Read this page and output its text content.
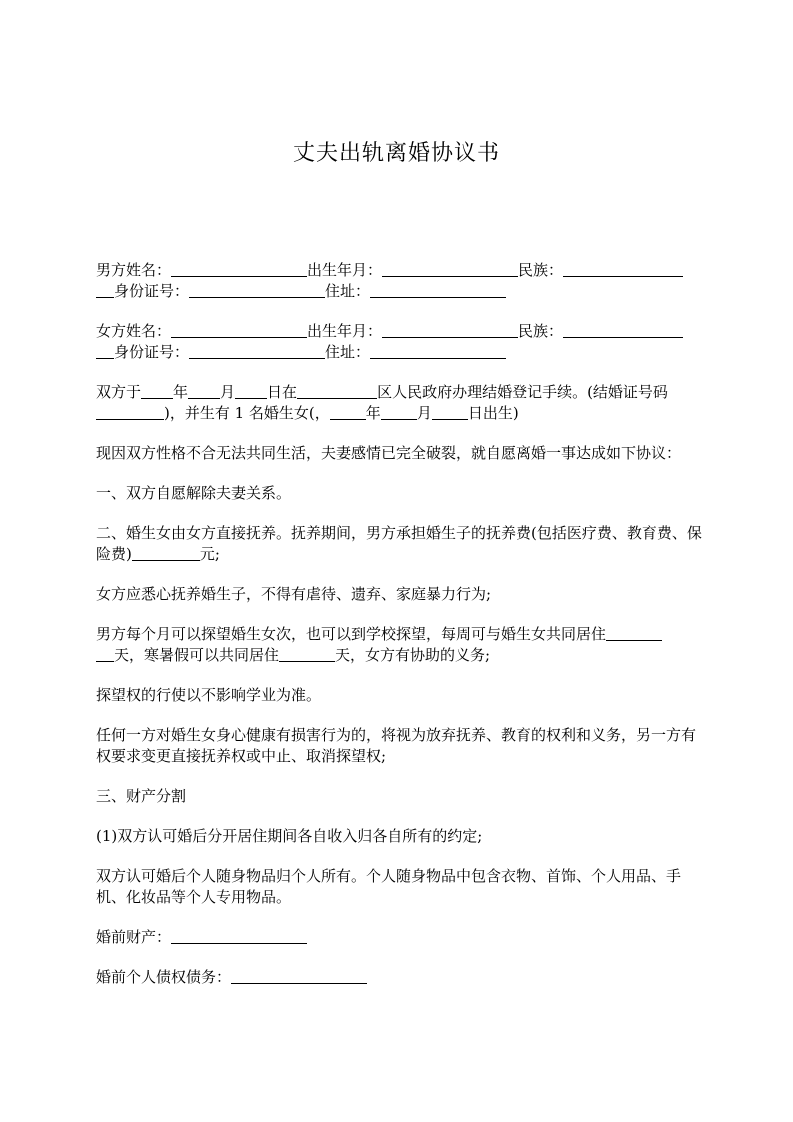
丈夫出轨离婚协议书

男方姓名：	出生年月：	民族：
身份证号：	住址：

女方姓名：	出生年月：	民族：
身份证号：	住址：

双方于 年 月 日在	区人民政府办理结婚登记手续。(结婚证号码)，并生有 1 名婚生女(， 年 月 日出生)

现因双方性格不合无法共同生活，夫妻感情已完全破裂，就自愿离婚一事达成如下协议：

一、双方自愿解除夫妻关系。

二、婚生女由女方直接抚养。抚养期间，男方承担婚生子的抚养费(包括医疗费、教育费、保险费)	元;

女方应悉心抚养婚生子，不得有虐待、遗弃、家庭暴力行为;

男方每个月可以探望婚生女次，也可以到学校探望，每周可与婚生女共同居住
天，寒暑假可以共同居住	天，女方有协助的义务;

探望权的行使以不影响学业为准。

任何一方对婚生女身心健康有损害行为的，将视为放弃抚养、教育的权利和义务，另一方有权要求变更直接抚养权或中止、取消探望权;

三、财产分割

(1)双方认可婚后分开居住期间各自收入归各自所有的约定;

双方认可婚后个人随身物品归个人所有。个人随身物品中包含衣物、首饰、个人用品、手机、化妆品等个人专用物品。

婚前财产：

婚前个人债权债务：
